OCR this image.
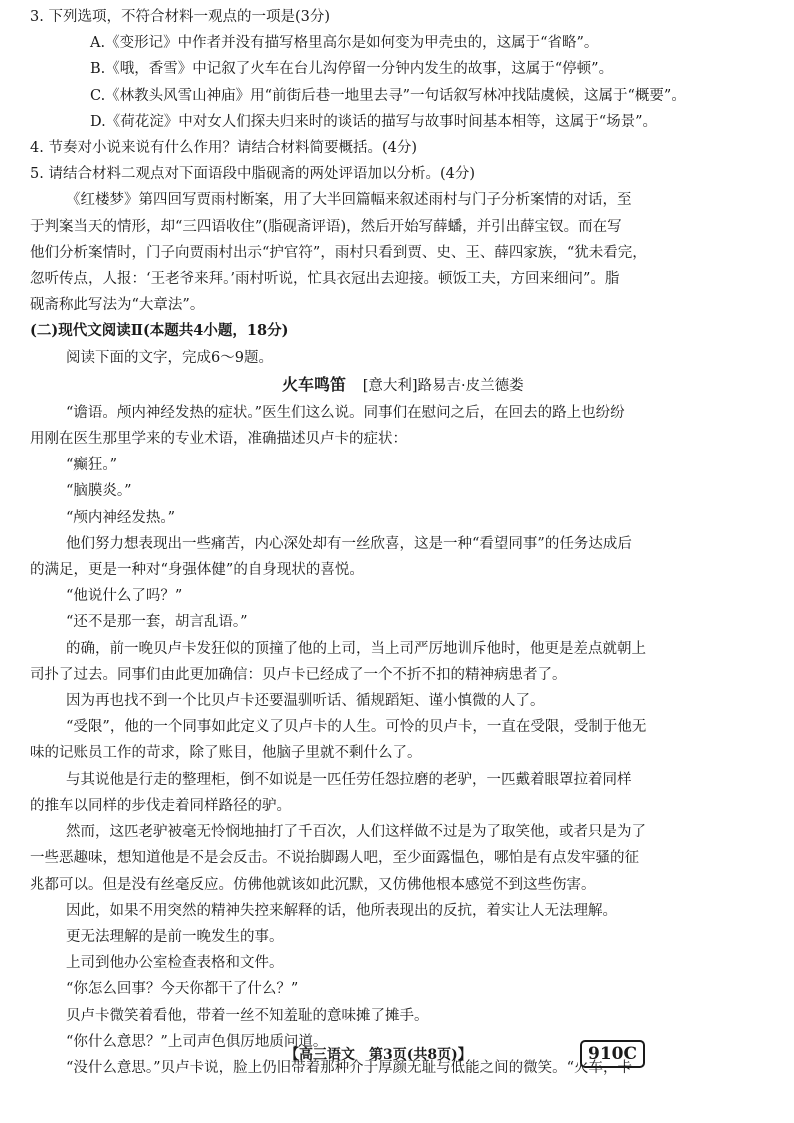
3. 下列选项，不符合材料一观点的一项是(3分)
A.《变形记》中作者并没有描写格里高尔是如何变为甲壳虫的，这属于“省略”。
B.《哦，香雪》中记叙了火车在台儿沟停留一分钟内发生的故事，这属于“停顿”。
C.《林教头风雪山神庙》用“前街后巷一地里去寻”一句话叙写林冲找陆虞候，这属于“概要”。
D.《荷花淀》中对女人们探夫归来时的谈话的描写与故事时间基本相等，这属于“场景”。
4. 节奏对小说来说有什么作用？请结合材料简要概括。(4分)
5. 请结合材料二观点对下面语段中脂砚斋的两处评语加以分析。(4分)
《红楼梦》第四回写贾雨村断案，用了大半回篇幅来叙述雨村与门子分析案情的对话，至
于判案当天的情形，却“三四语收住”(脂砚斋评语)，然后开始写薛蟠，并引出薛宝钗。而在写
他们分析案情时，门子向贾雨村出示“护官符”，雨村只看到贾、史、王、薛四家族，“犹未看完，
忽听传点，人报：‘王老爷来拜。’雨村听说，忙具衣冠出去迎接。顿饭工夫，方回来细问”。脂
砚斋称此写法为“大章法”。
(二)现代文阅读Ⅱ(本题共4小题，18分)
阅读下面的文字，完成6～9题。
火车鸣笛 [意大利]路易吉·皮兰德娄
“谵语。颅内神经发热的症状。”医生们这么说。同事们在慰问之后，在回去的路上也纷纷
用刚在医生那里学来的专业术语，准确描述贝卢卡的症状：
“癫狂。”
“脑膜炎。”
“颅内神经发热。”
他们努力想表现出一些痛苦，内心深处却有一丝欣喜，这是一种“看望同事”的任务达成后
的满足，更是一种对“身强体健”的自身现状的喜悦。
“他说什么了吗？”
“还不是那一套，胡言乱语。”
的确，前一晚贝卢卡发狂似的顶撞了他的上司，当上司严厉地训斥他时，他更是差点就朝上
司扑了过去。同事们由此更加确信：贝卢卡已经成了一个不折不扣的精神病患者了。
因为再也找不到一个比贝卢卡还要温驯听话、循规蹈矩、谨小慎微的人了。
“受限”，他的一个同事如此定义了贝卢卡的人生。可怜的贝卢卡，一直在受限，受制于他无
味的记账员工作的苛求，除了账目，他脑子里就不剩什么了。
与其说他是行走的整理柜，倒不如说是一匹任劳任怨拉磨的老驴，一匹戴着眼罩拉着同样
的推车以同样的步伐走着同样路径的驴。
然而，这匹老驴被毫无怜悯地抽打了千百次，人们这样做不过是为了取笑他，或者只是为了
一些恶趣味，想知道他是不是会反击。不说抬脚踢人吧，至少面露愠色，哪怕是有点发牢骚的征
兆都可以。但是没有丝毫反应。仿佛他就该如此沉默，又仿佛他根本感觉不到这些伤害。
因此，如果不用突然的精神失控来解释的话，他所表现出的反抗，着实让人无法理解。
更无法理解的是前一晚发生的事。
上司到他办公室检查表格和文件。
“你怎么回事？今天你都干了什么？”
贝卢卡微笑着看他，带着一丝不知羞耻的意味摊了摊手。
“你什么意思？”上司声色俱厉地质问道。
“没什么意思。”贝卢卡说，脸上仍旧带着那种介于厚颜无耻与低能之间的微笑。“火车，卡
【高三语文　第3页(共8页)】	910C
